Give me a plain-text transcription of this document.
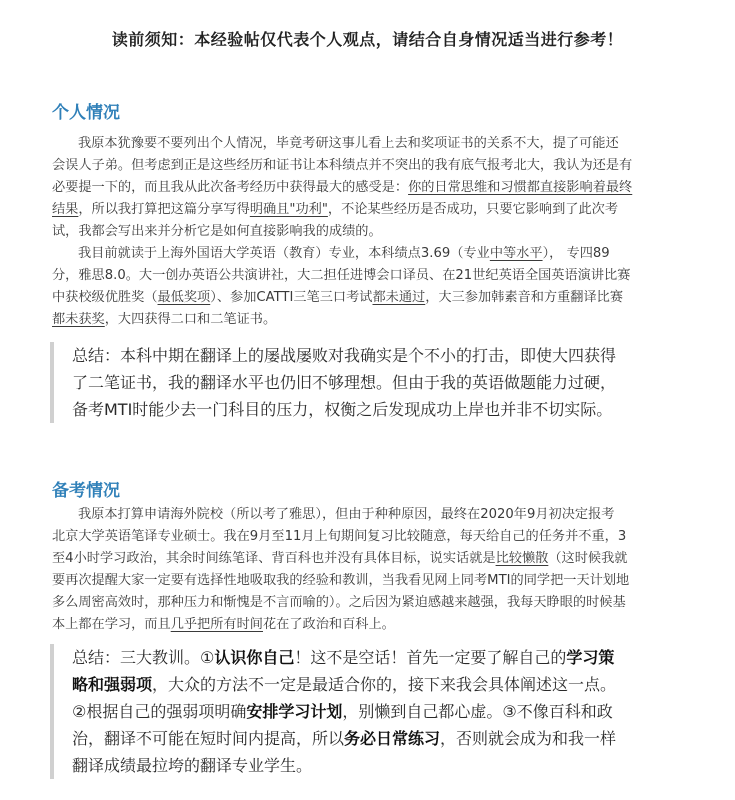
读前须知：本经验帖仅代表个人观点，请结合自身情况适当进行参考！
个人情况
我原本犹豫要不要列出个人情况，毕竟考研这事儿看上去和奖项证书的关系不大，提了可能还
会误人子弟。但考虑到正是这些经历和证书让本科绩点并不突出的我有底气报考北大，我认为还是有
必要提一下的，而且我从此次备考经历中获得最大的感受是：你的日常思维和习惯都直接影响着最终
结果，所以我打算把这篇分享写得明确且"功利"，不论某些经历是否成功，只要它影响到了此次考
试，我都会写出来并分析它是如何直接影响我的成绩的。
我目前就读于上海外国语大学英语（教育）专业，本科绩点3.69（专业中等水平）， 专四89
分，雅思8.0。大一创办英语公共演讲社，大二担任进博会口译员、在21世纪英语全国英语演讲比赛
中获校级优胜奖（最低奖项）、参加CATTI三笔三口考试都未通过，大三参加韩素音和方重翻译比赛
都未获奖，大四获得二口和二笔证书。
总结：本科中期在翻译上的屡战屡败对我确实是个不小的打击，即使大四获得
了二笔证书，我的翻译水平也仍旧不够理想。但由于我的英语做题能力过硬，
备考MTI时能少去一门科目的压力，权衡之后发现成功上岸也并非不切实际。
备考情况
我原本打算申请海外院校（所以考了雅思），但由于种种原因，最终在2020年9月初决定报考
北京大学英语笔译专业硕士。我在9月至11月上旬期间复习比较随意，每天给自己的任务并不重，3
至4小时学习政治，其余时间练笔译、背百科也并没有具体目标，说实话就是比较懒散（这时候我就
要再次提醒大家一定要有选择性地吸取我的经验和教训，当我看见网上同考MTI的同学把一天计划地
多么周密高效时，那种压力和惭愧是不言而喻的）。之后因为紧迫感越来越强，我每天睁眼的时候基
本上都在学习，而且几乎把所有时间花在了政治和百科上。
总结：三大教训。①认识你自己！这不是空话！首先一定要了解自己的学习策
略和强弱项，大众的方法不一定是最适合你的，接下来我会具体阐述这一点。
②根据自己的强弱项明确安排学习计划，别懒到自己都心虚。③不像百科和政
治，翻译不可能在短时间内提高，所以务必日常练习，否则就会成为和我一样
翻译成绩最拉垮的翻译专业学生。
